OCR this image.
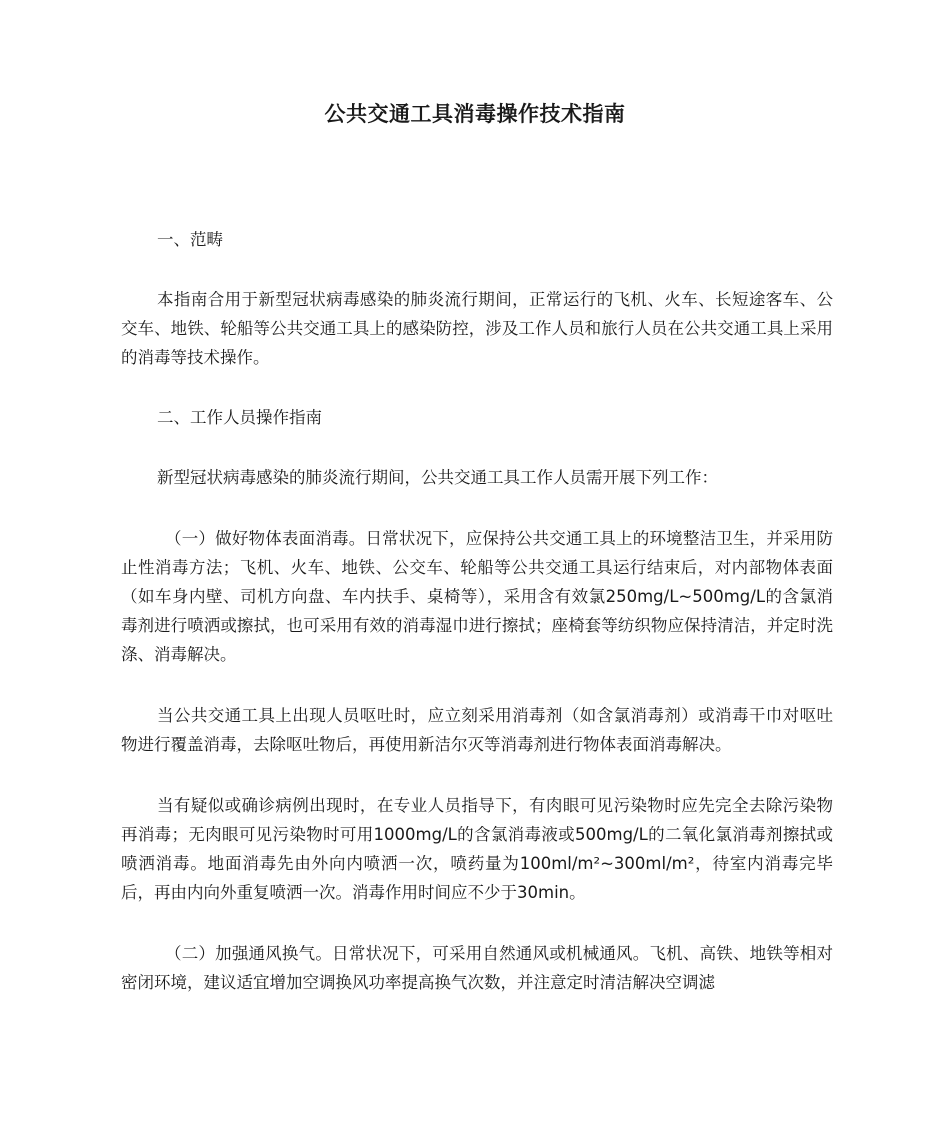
公共交通工具消毒操作技术指南

一、范畴

本指南合用于新型冠状病毒感染的肺炎流行期间，正常运行的飞机、火车、长短途客车、公交车、地铁、轮船等公共交通工具上的感染防控，涉及工作人员和旅行人员在公共交通工具上采用的消毒等技术操作。

二、工作人员操作指南

新型冠状病毒感染的肺炎流行期间，公共交通工具工作人员需开展下列工作：

（一）做好物体表面消毒。日常状况下，应保持公共交通工具上的环境整洁卫生，并采用防止性消毒方法；飞机、火车、地铁、公交车、轮船等公共交通工具运行结束后，对内部物体表面（如车身内壁、司机方向盘、车内扶手、桌椅等），采用含有效氯250mg/L~500mg/L的含氯消毒剂进行喷洒或擦拭，也可采用有效的消毒湿巾进行擦拭；座椅套等纺织物应保持清洁，并定时洗涤、消毒解决。

当公共交通工具上出现人员呕吐时，应立刻采用消毒剂（如含氯消毒剂）或消毒干巾对呕吐物进行覆盖消毒，去除呕吐物后，再使用新洁尔灭等消毒剂进行物体表面消毒解决。

当有疑似或确诊病例出现时，在专业人员指导下，有肉眼可见污染物时应先完全去除污染物再消毒；无肉眼可见污染物时可用1000mg/L的含氯消毒液或500mg/L的二氧化氯消毒剂擦拭或喷洒消毒。地面消毒先由外向内喷洒一次，喷药量为100ml/m²~300ml/m²，待室内消毒完毕后，再由内向外重复喷洒一次。消毒作用时间应不少于30min。

（二）加强通风换气。日常状况下，可采用自然通风或机械通风。飞机、高铁、地铁等相对密闭环境，建议适宜增加空调换风功率提高换气次数，并注意定时清洁解决空调滤
